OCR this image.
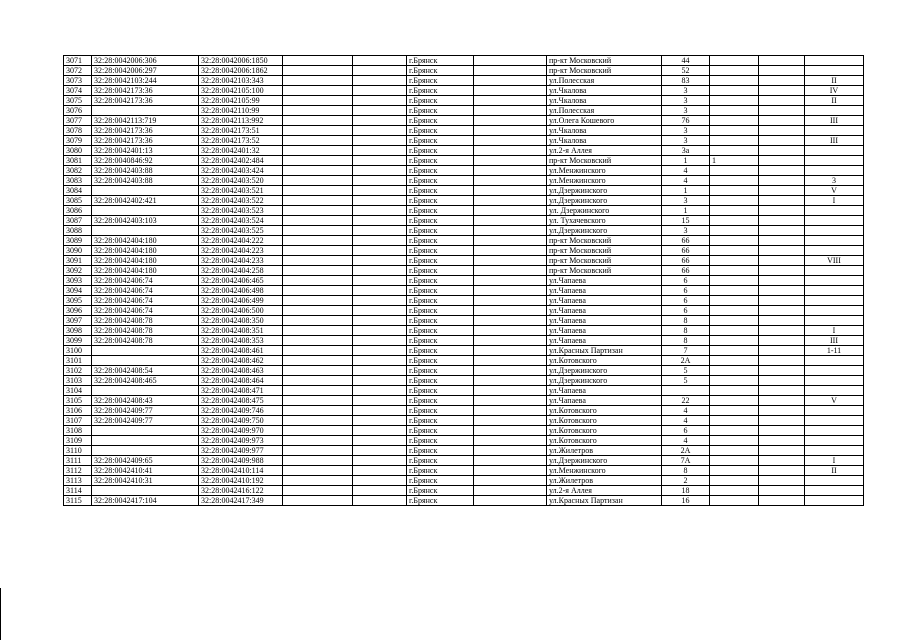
3071	32:28:0042006:306	32:28:0042006:1850			г.Брянск		пр-кт Московский	44			
3072	32:28:0042006:297	32:28:0042006:1862			г.Брянск		пр-кт Московский	52			
3073	32:28:0042103:244	32:28:0042103:343			г.Брянск		ул.Полесская	83			II
3074	32:28:0042173:36	32:28:0042105:100			г.Брянск		ул.Чкалова	3			IV
3075	32:28:0042173:36	32:28:0042105:99			г.Брянск		ул.Чкалова	3			II
3076		32:28:0042110:99			г.Брянск		ул.Полесская	3			
3077	32:28:0042113:719	32:28:0042113:992			г.Брянск		ул.Олега Кошевого	76			III
3078	32:28:0042173:36	32:28:0042173:51			г.Брянск		ул.Чкалова	3			
3079	32:28:0042173:36	32:28:0042173:52			г.Брянск		ул.Чкалова	3			III
3080	32:28:0042401:13	32:28:0042401:32			г.Брянск		ул.2-я Аллея	3а			
3081	32:28:0040846:92	32:28:0042402:484			г.Брянск		пр-кт Московский	1	1		
3082	32:28:0042403:88	32:28:0042403:424			г.Брянск		ул.Менжинского	4			
3083	32:28:0042403:88	32:28:0042403:520			г.Брянск		ул.Менжинского	4			3
3084		32:28:0042403:521			г.Брянск		ул.Дзержинского	1			V
3085	32:28:0042402:421	32:28:0042403:522			г.Брянск		ул.Дзержинского	3			I
3086		32:28:0042403:523			г.Брянск		ул. Дзержинского	1			
3087	32:28:0042403:103	32:28:0042403:524			г.Брянск		ул. Тухачевского	15			
3088		32:28:0042403:525			г.Брянск		ул.Дзержинского	3			
3089	32:28:0042404:180	32:28:0042404:222			г.Брянск		пр-кт Московский	66			
3090	32:28:0042404:180	32:28:0042404:223			г.Брянск		пр-кт Московский	66			
3091	32:28:0042404:180	32:28:0042404:233			г.Брянск		пр-кт Московский	66			VIII
3092	32:28:0042404:180	32:28:0042404:258			г.Брянск		пр-кт Московский	66			
3093	32:28:0042406:74	32:28:0042406:465			г.Брянск		ул.Чапаева	6			
3094	32:28:0042406:74	32:28:0042406:498			г.Брянск		ул.Чапаева	6			
3095	32:28:0042406:74	32:28:0042406:499			г.Брянск		ул.Чапаева	6			
3096	32:28:0042406:74	32:28:0042406:500			г.Брянск		ул.Чапаева	6			
3097	32:28:0042408:78	32:28:0042408:350			г.Брянск		ул.Чапаева	8			
3098	32:28:0042408:78	32:28:0042408:351			г.Брянск		ул.Чапаева	8			I
3099	32:28:0042408:78	32:28:0042408:353			г.Брянск		ул.Чапаева	8			III
3100		32:28:0042408:461			г.Брянск		ул.Красных Партизан	7			1-11
3101		32:28:0042408:462			г.Брянск		ул.Котовского	2А			
3102	32:28:0042408:54	32:28:0042408:463			г.Брянск		ул.Дзержинского	5			
3103	32:28:0042408:465	32:28:0042408:464			г.Брянск		ул.Дзержинского	5			
3104		32:28:0042408:471			г.Брянск		ул.Чапаева				
3105	32:28:0042408:43	32:28:0042408:475			г.Брянск		ул.Чапаева	22			V
3106	32:28:0042409:77	32:28:0042409:746			г.Брянск		ул.Котовского	4			
3107	32:28:0042409:77	32:28:0042409:750			г.Брянск		ул.Котовского	4			
3108		32:28:0042409:970			г.Брянск		ул.Котовского	6			
3109		32:28:0042409:973			г.Брянск		ул.Котовского	4			
3110		32:28:0042409:977			г.Брянск		ул.Жилетров	2А			
3111	32:28:0042409:65	32:28:0042409:988			г.Брянск		ул.Дзержинского	7А			I
3112	32:28:0042410:41	32:28:0042410:114			г.Брянск		ул.Менжинского	8			II
3113	32:28:0042410:31	32:28:0042410:192			г.Брянск		ул.Жилетров	2			
3114		32:28:0042416:122			г.Брянск		ул.2-я Аллея	18			
3115	32:28:0042417:104	32:28:0042417:349			г.Брянск		ул.Красных Партизан	16			
